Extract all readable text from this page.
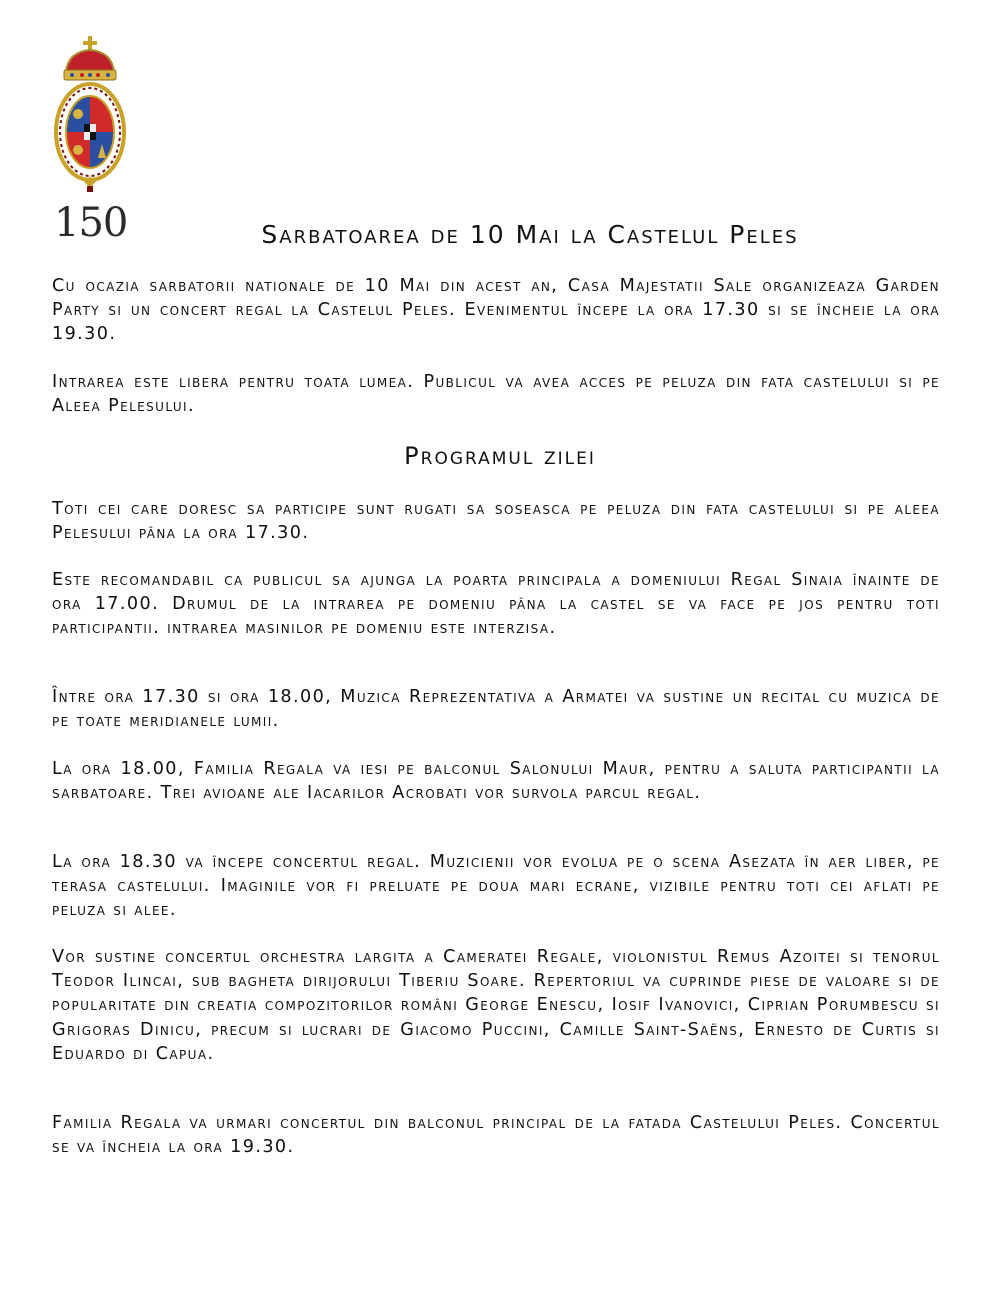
150	Sarbatoarea de 10 Mai la Castelul Peles

Cu ocazia sarbatorii nationale de 10 Mai din acest an, Casa Majestatii Sale organizeaza Garden Party si un concert regal la Castelul Peles. Evenimentul începe la ora 17.30 si se încheie la ora 19.30.

Intrarea este libera pentru toata lumea. Publicul va avea acces pe peluza din fata castelului si pe Aleea Pelesului.

Programul zilei

Toti cei care doresc sa participe sunt rugati sa soseasca pe peluza din fata castelului si pe aleea Pelesului pâna la ora 17.30.

Este recomandabil ca publicul sa ajunga la poarta principala a domeniului Regal Sinaia înainte de ora 17.00. Drumul de la intrarea pe domeniu pâna la castel se va face pe jos pentru toti participantii. intrarea masinilor pe domeniu este interzisa.

Între ora 17.30 si ora 18.00, Muzica Reprezentativa a Armatei va sustine un recital cu muzica de pe toate meridianele lumii.

La ora 18.00, Familia Regala va iesi pe balconul Salonului Maur, pentru a saluta participantii la sarbatoare. Trei avioane ale Iacarilor Acrobati vor survola parcul regal.

La ora 18.30 va începe concertul regal. Muzicienii vor evolua pe o scena Asezata în aer liber, pe terasa castelului. Imaginile vor fi preluate pe doua mari ecrane, vizibile pentru toti cei aflati pe peluza si alee.

Vor sustine concertul orchestra largita a Cameratei Regale, violonistul Remus Azoitei si tenorul Teodor Ilincai, sub bagheta dirijorului Tiberiu Soare. Repertoriul va cuprinde piese de valoare si de popularitate din creatia compozitorilor români George Enescu, Iosif Ivanovici, Ciprian Porumbescu si Grigoras Dinicu, precum si lucrari de Giacomo Puccini, Camille Saint-Saëns, Ernesto de Curtis si Eduardo di Capua.

Familia Regala va urmari concertul din balconul principal de la fatada Castelului Peles. Concertul se va încheia la ora 19.30.
